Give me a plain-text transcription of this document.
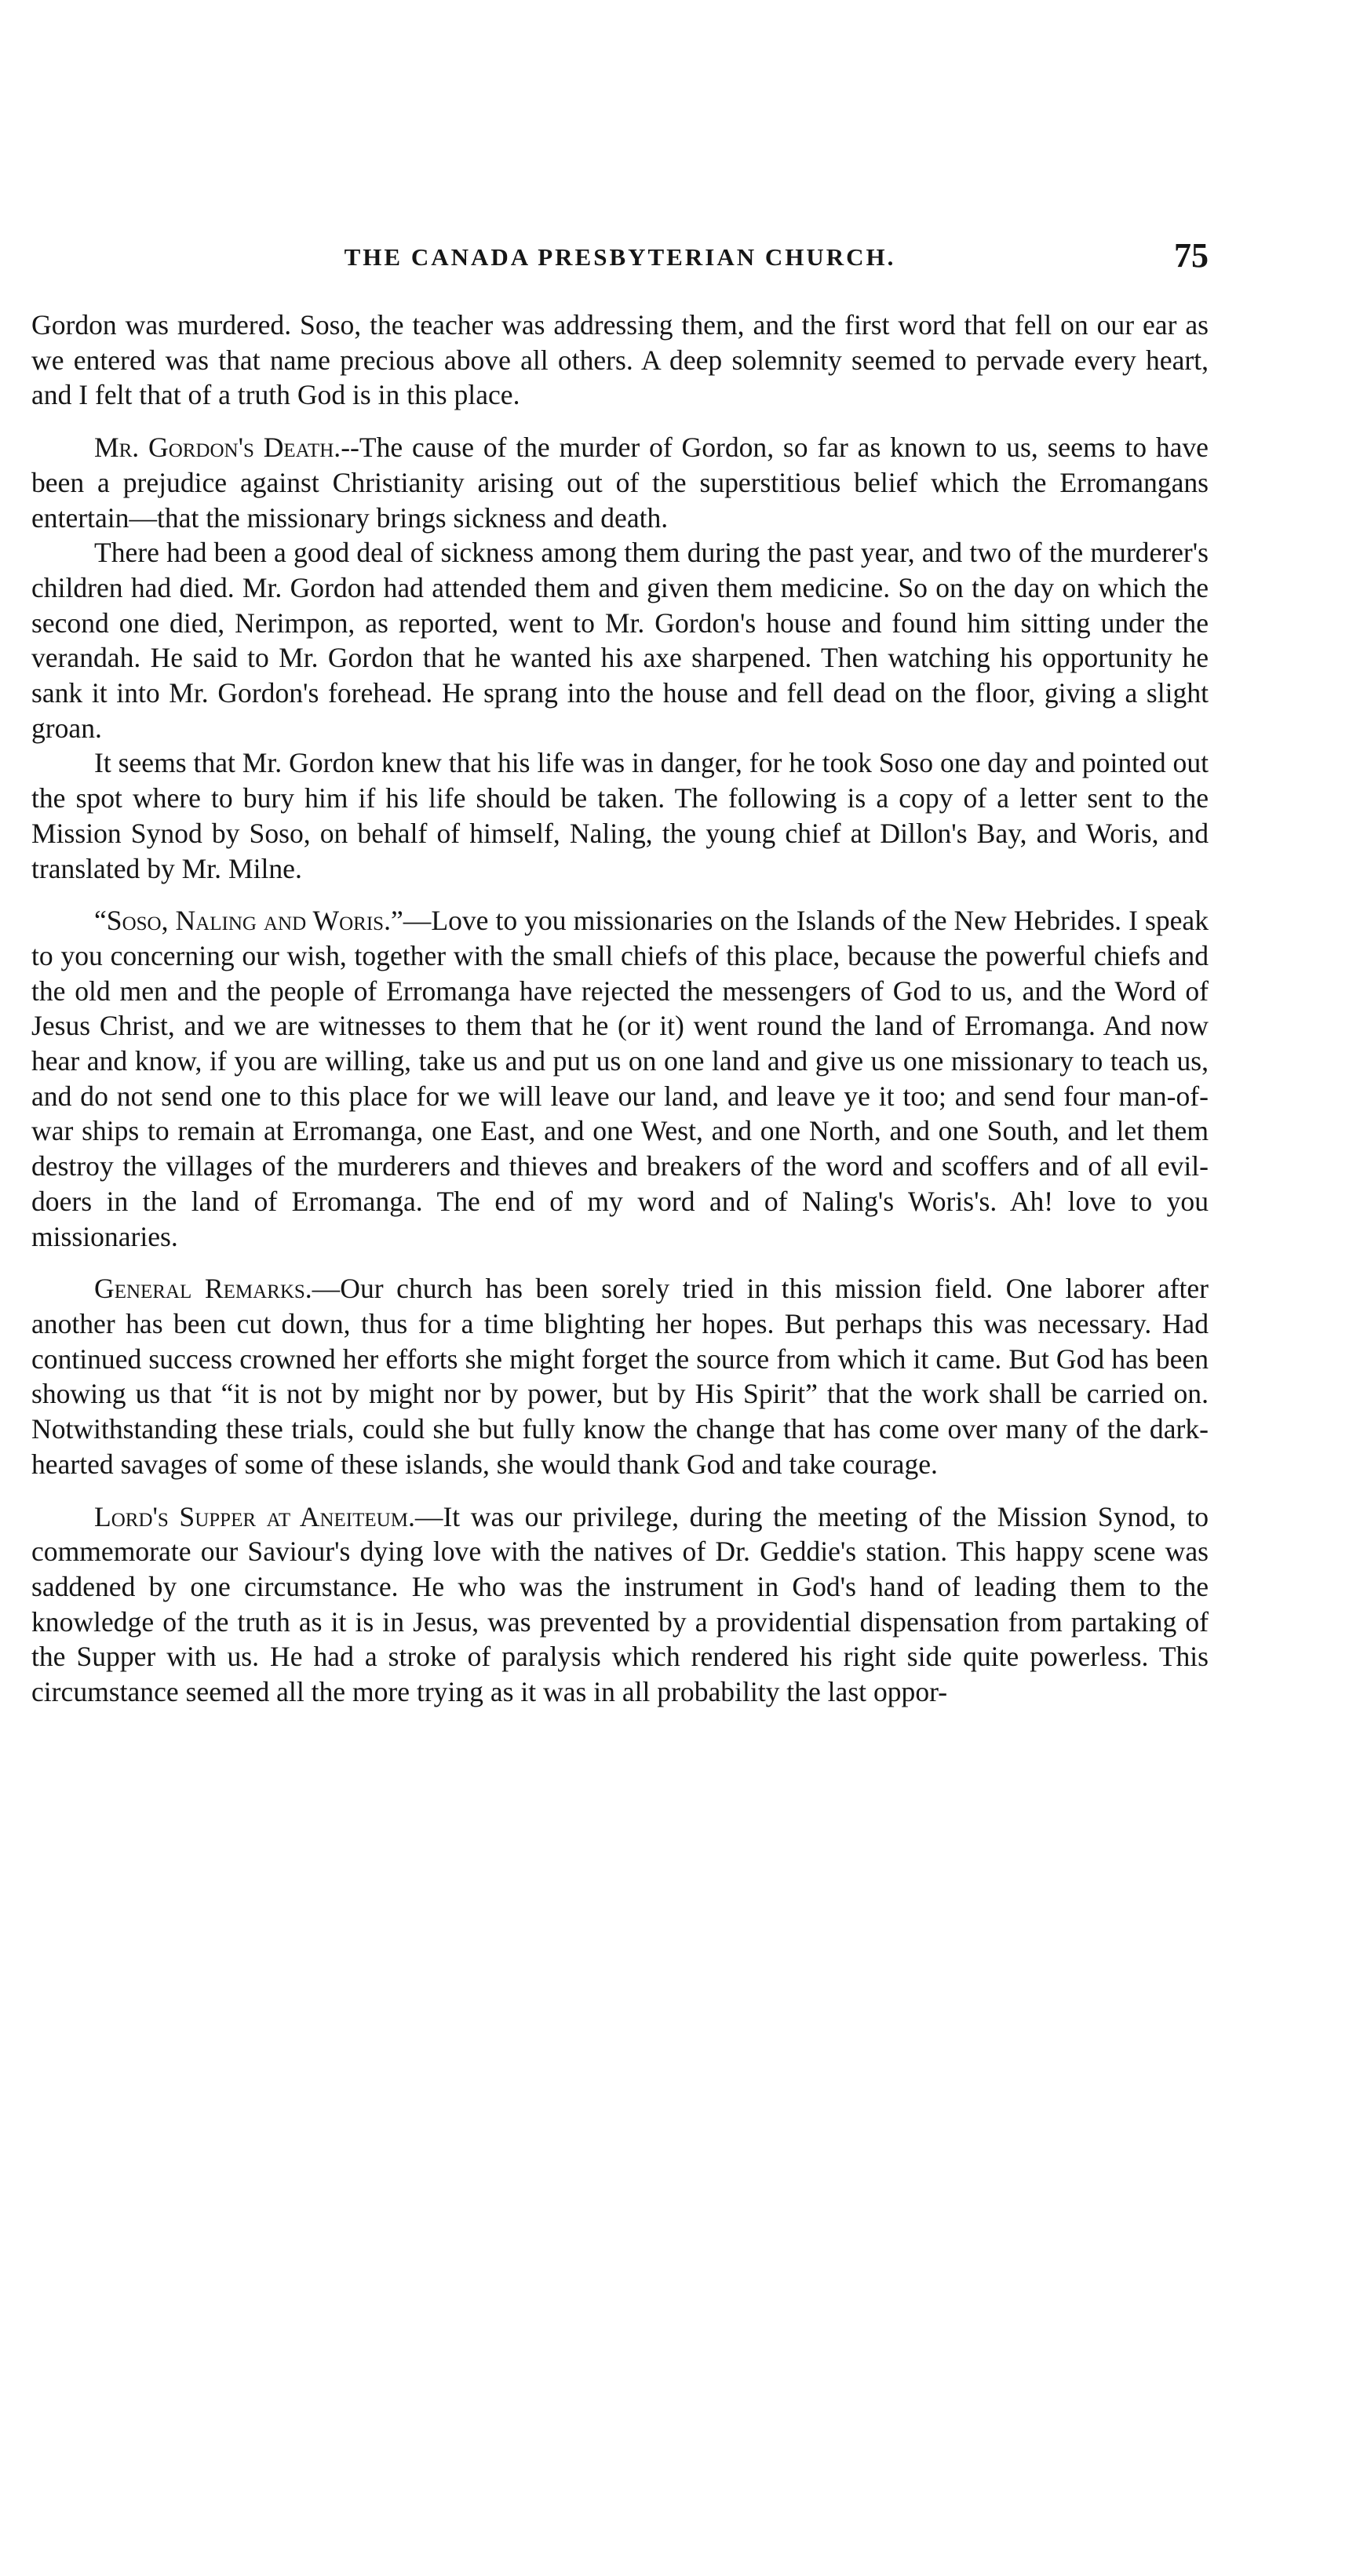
THE CANADA PRESBYTERIAN CHURCH.	75

Gordon was murdered. Soso, the teacher was addressing them, and the first word that fell on our ear as we entered was that name precious above all others. A deep solemnity seemed to pervade every heart, and I felt that of a truth God is in this place.

Mr. Gordon's Death.--The cause of the murder of Gordon, so far as known to us, seems to have been a prejudice against Christianity arising out of the superstitious belief which the Erromangans entertain—that the missionary brings sickness and death.

There had been a good deal of sickness among them during the past year, and two of the murderer's children had died. Mr. Gordon had attended them and given them medicine. So on the day on which the second one died, Nerimpon, as reported, went to Mr. Gordon's house and found him sitting under the verandah. He said to Mr. Gordon that he wanted his axe sharpened. Then watching his opportunity he sank it into Mr. Gordon's forehead. He sprang into the house and fell dead on the floor, giving a slight groan.

It seems that Mr. Gordon knew that his life was in danger, for he took Soso one day and pointed out the spot where to bury him if his life should be taken. The following is a copy of a letter sent to the Mission Synod by Soso, on behalf of himself, Naling, the young chief at Dillon's Bay, and Woris, and translated by Mr. Milne.

“Soso, Naling and Woris.”—Love to you missionaries on the Islands of the New Hebrides. I speak to you concerning our wish, together with the small chiefs of this place, because the powerful chiefs and the old men and the people of Erromanga have rejected the messengers of God to us, and the Word of Jesus Christ, and we are witnesses to them that he (or it) went round the land of Erromanga. And now hear and know, if you are willing, take us and put us on one land and give us one missionary to teach us, and do not send one to this place for we will leave our land, and leave ye it too; and send four man-of-war ships to remain at Erromanga, one East, and one West, and one North, and one South, and let them destroy the villages of the murderers and thieves and breakers of the word and scoffers and of all evil-doers in the land of Erromanga. The end of my word and of Naling's Woris's. Ah! love to you missionaries.

General Remarks.—Our church has been sorely tried in this mission field. One laborer after another has been cut down, thus for a time blighting her hopes. But perhaps this was necessary. Had continued success crowned her efforts she might forget the source from which it came. But God has been showing us that “it is not by might nor by power, but by His Spirit” that the work shall be carried on. Notwithstanding these trials, could she but fully know the change that has come over many of the dark-hearted savages of some of these islands, she would thank God and take courage.

Lord's Supper at Aneiteum.—It was our privilege, during the meeting of the Mission Synod, to commemorate our Saviour's dying love with the natives of Dr. Geddie's station. This happy scene was saddened by one circumstance. He who was the instrument in God's hand of leading them to the knowledge of the truth as it is in Jesus, was prevented by a providential dispensation from partaking of the Supper with us. He had a stroke of paralysis which rendered his right side quite powerless. This circumstance seemed all the more trying as it was in all probability the last oppor-
